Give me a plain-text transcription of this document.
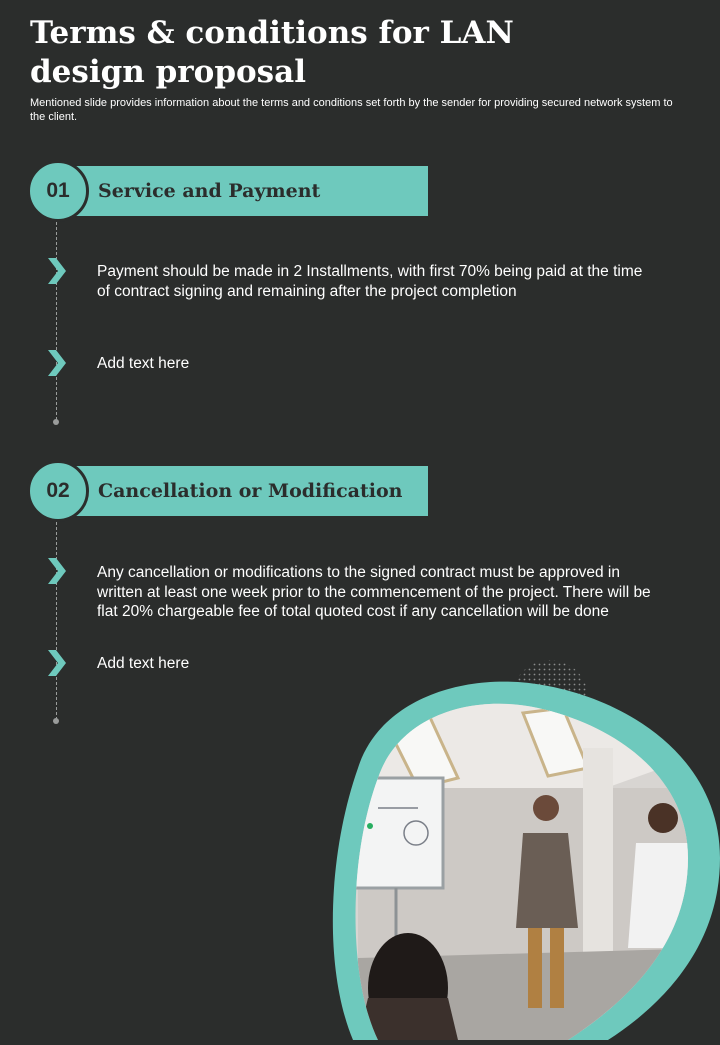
Terms & conditions for LAN design proposal

Mentioned slide provides information about the terms and conditions set forth by the sender for providing secured network system to the client.

Service and Payment
01

Payment should be made in 2 Installments, with first 70% being paid at the time of contract signing and remaining after the project completion

Add text here

Cancellation or Modification
02

Any cancellation or modifications to the signed contract must be approved in written at least one week prior to the commencement of the project. There will be flat 20% chargeable fee of total quoted cost if any cancellation will be done

Add text here
